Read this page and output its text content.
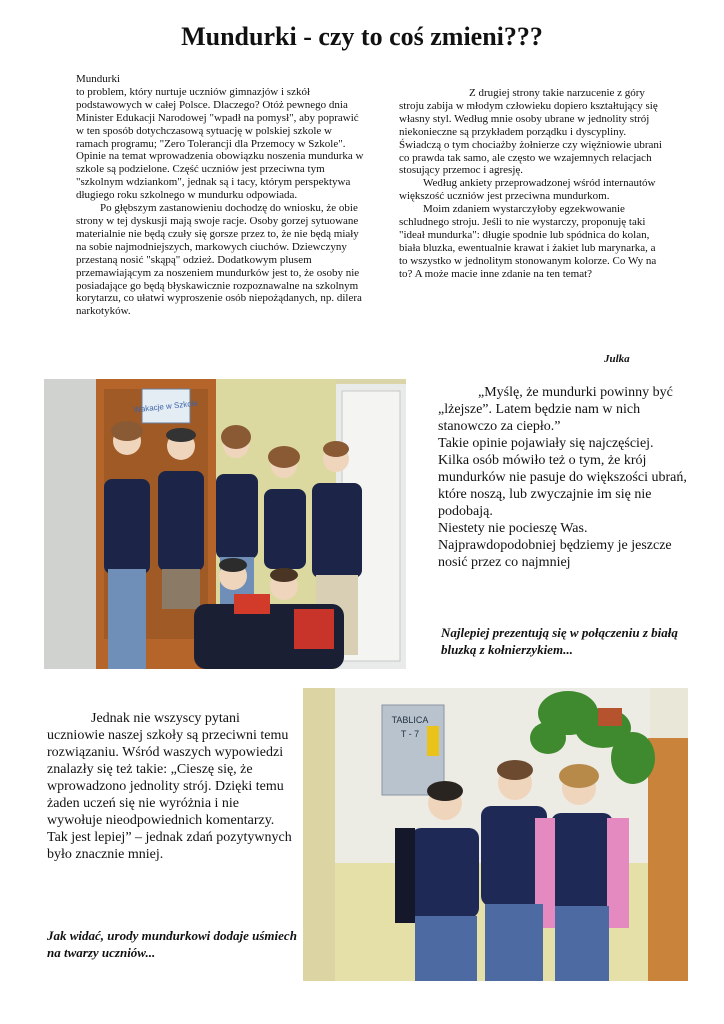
Mundurki - czy to coś zmieni???

Mundurki

to problem, który nurtuje uczniów gimnazjów i szkół podstawowych w całej Polsce. Dlaczego? Otóż pewnego dnia Minister Edukacji Narodowej "wpadł na pomysł", aby poprawić w ten sposób dotychczasową sytuację w polskiej szkole w ramach programu; "Zero Tolerancji dla Przemocy w Szkole". Opinie na temat wprowadzenia obowiązku noszenia mundurka w szkole są podzielone. Część uczniów jest przeciwna tym "szkolnym wdziankom", jednak są i tacy, którym perspektywa długiego roku szkolnego w mundurku odpowiada.

Po głębszym zastanowieniu dochodzę do wniosku, że obie strony w tej dyskusji mają swoje racje. Osoby gorzej sytuowane materialnie nie będą czuły się gorsze przez to, że nie będą miały na sobie najmodniejszych, markowych ciuchów. Dziewczyny przestaną nosić "skąpą" odzież. Dodatkowym plusem przemawiającym za noszeniem mundurków jest to, że osoby nie posiadające go będą błyskawicznie rozpoznawalne na szkolnym korytarzu, co ułatwi wyproszenie osób niepożądanych, np. dilera narkotyków.

Z drugiej strony takie narzucenie z góry stroju zabija w młodym człowieku dopiero kształtujący się własny styl. Według mnie osoby ubrane w jednolity strój niekonieczne są przykładem porządku i dyscypliny. Świadczą o tym chociażby żołnierze czy więźniowie ubrani co prawda tak samo, ale często we wzajemnych relacjach stosujący przemoc i agresję.

Według ankiety przeprowadzonej wśród internautów większość uczniów jest przeciwna mundurkom.

Moim zdaniem wystarczyłoby egzekwowanie schludnego stroju. Jeśli to nie wystarczy, proponuję taki "ideał mundurka": długie spodnie lub spódnica do kolan, biała bluzka, ewentualnie krawat i żakiet lub marynarka, a to wszystko w jednolitym stonowanym kolorze. Co Wy na to? A może macie inne zdanie na ten temat?

Julka
Wakacje w Szkole

„Myślę, że mundurki powinny być „lżejsze”. Latem będzie nam w nich stanowczo za ciepło.”

Takie opinie pojawiały się najczęściej. Kilka osób mówiło też o tym, że krój mundurków nie pasuje do większości ubrań, które noszą, lub zwyczajnie im się nie podobają.

Niestety nie pocieszę Was. Najprawdopodobniej będziemy je jeszcze nosić przez co najmniej

Najlepiej prezentują się w połączeniu z białą bluzką z kołnierzykiem...

Jednak nie wszyscy pytani uczniowie naszej szkoły są przeciwni temu rozwiązaniu. Wśród waszych wypowiedzi znalazły się też takie: „Cieszę się, że wprowadzono jednolity strój. Dzięki temu żaden uczeń się nie wyróżnia i nie wywołuje nieodpowiednich komentarzy. Tak jest lepiej” – jednak zdań pozytywnych było znacznie mniej.

Jak widać, urody mundurkowi dodaje uśmiech na twarzy uczniów...
TABLICA
T - 7
